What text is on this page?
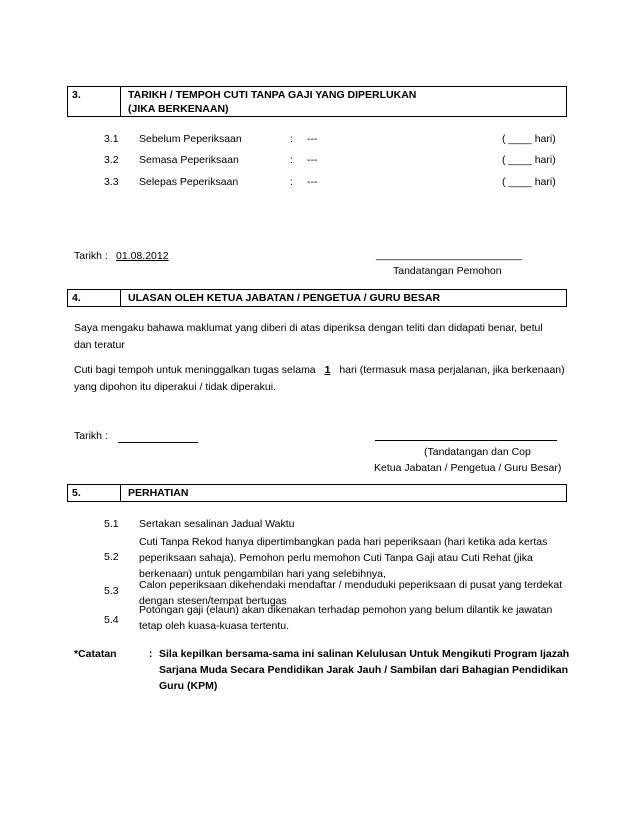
3.	TARIKH / TEMPOH CUTI TANPA GAJI YANG DIPERLUKAN
(JIKA BERKENAAN)
3.1 Sebelum Peperiksaan	: ---	( ____ hari)
3.2 Semasa Peperiksaan	: ---	( ____ hari)
3.3 Selepas Peperiksaan	: ---	( ____ hari)
Tarikh : 01.08.2012	_________________________
Tandatangan Pemohon
4.	ULASAN OLEH KETUA JABATAN / PENGETUA / GURU BESAR
Saya mengaku bahawa maklumat yang diberi di atas diperiksa dengan teliti dan didapati benar, betul
dan teratur
Cuti bagi tempoh untuk meninggalkan tugas selama 1 hari (termasuk masa perjalanan, jika berkenaan)
yang dipohon itu diperakui / tidak diperakui.
Tarikh :
(Tandatangan dan Cop
Ketua Jabatan / Pengetua / Guru Besar)
5.	PERHATIAN
5.1 Sertakan sesalinan Jadual Waktu
5.2
Cuti Tanpa Rekod hanya dipertimbangkan pada hari peperiksaan (hari ketika ada kertas
peperiksaan sahaja). Pemohon perlu memohon Cuti Tanpa Gaji atau Cuti Rehat (jika
berkenaan) untuk pengambilan hari yang selebihnya,
5.3 Calon peperiksaan dikehendaki mendaftar / menduduki peperiksaan di pusat yang terdekat
dengan stesen/tempat bertugas
5.4
Potongan gaji (elaun) akan dikenakan terhadap pemohon yang belum dilantik ke jawatan
tetap oleh kuasa-kuasa tertentu.
*Catatan	: Sila kepilkan bersama-sama ini salinan Kelulusan Untuk Mengikuti Program Ijazah
Sarjana Muda Secara Pendidikan Jarak Jauh / Sambilan dari Bahagian Pendidikan
Guru (KPM)
